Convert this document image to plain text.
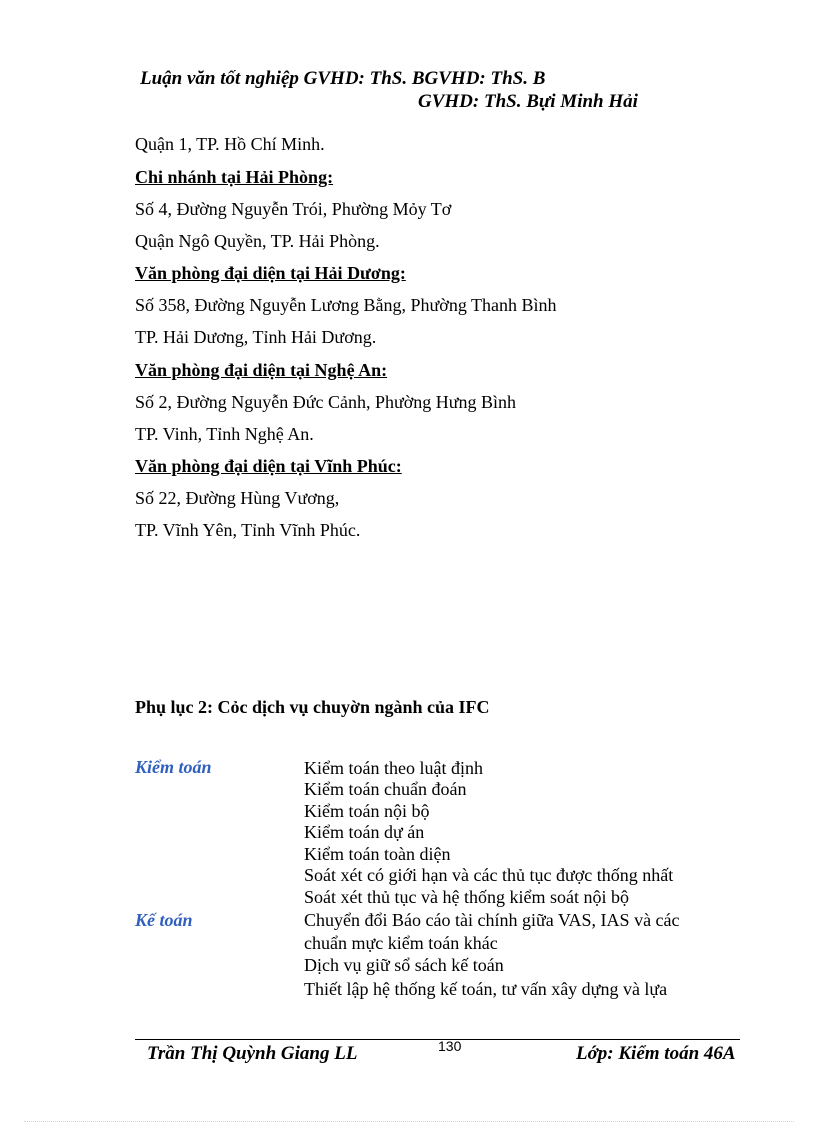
Luận văn tốt nghiệp GVHD: ThS. BGVHD: ThS. B
GVHD: ThS. Bựi Minh Hải
Quận 1, TP. Hồ Chí Minh.
Chi nhánh tại Hải Phòng:
Số 4, Đường Nguyễn Trói, Phường Mỏy Tơ
Quận Ngô Quyền, TP. Hải Phòng.
Văn phòng đại diện tại Hải Dương:
Số 358, Đường Nguyễn Lương Bằng, Phường Thanh Bình
TP. Hải Dương, Tỉnh Hải Dương.
Văn phòng đại diện tại Nghệ An:
Số 2, Đường Nguyễn Đức Cảnh, Phường Hưng Bình
TP. Vinh, Tỉnh Nghệ An.
Văn phòng đại diện tại Vĩnh Phúc:
Số 22, Đường Hùng Vương,
TP. Vĩnh Yên, Tỉnh Vĩnh Phúc.
Phụ lục 2: Cỏc dịch vụ chuyờn ngành của IFC
Kiểm toán	Kiểm toán theo luật định
Kiểm toán chuẩn đoán
Kiểm toán nội bộ
Kiểm toán dự án
Kiểm toán toàn diện
Soát xét có giới hạn và các thủ tục được thống nhất
Soát xét thủ tục và hệ thống kiểm soát nội bộ
Kế toán	Chuyển đổi Báo cáo tài chính giữa VAS, IAS và các
chuẩn mực kiểm toán khác
Dịch vụ giữ sổ sách kế toán
Thiết lập hệ thống kế toán, tư vấn xây dựng và lựa
Trần Thị Quỳnh Giang LL	130	Lớp: Kiểm toán 46A
